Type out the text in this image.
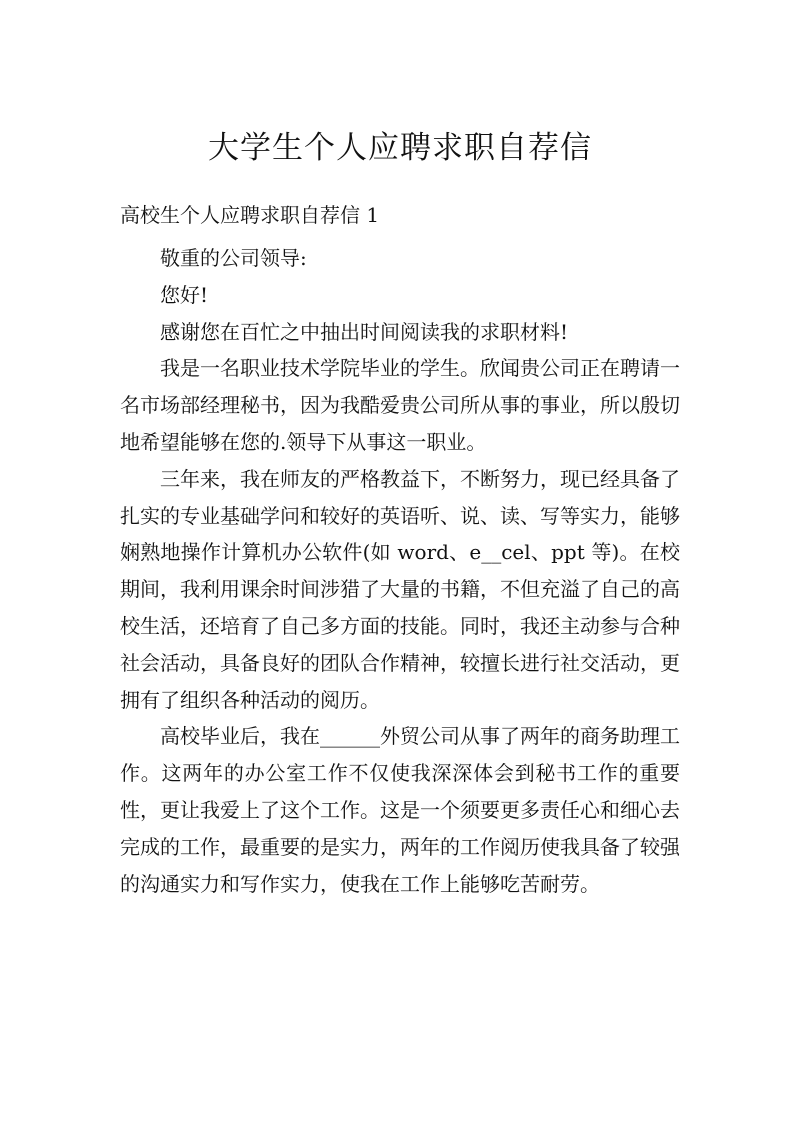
大学生个人应聘求职自荐信

高校生个人应聘求职自荐信 1

敬重的公司领导:

您好!

感谢您在百忙之中抽出时间阅读我的求职材料!

我是一名职业技术学院毕业的学生。欣闻贵公司正在聘请一名市场部经理秘书，因为我酷爱贵公司所从事的事业，所以殷切地希望能够在您的.领导下从事这一职业。

三年来，我在师友的严格教益下，不断努力，现已经具备了扎实的专业基础学问和较好的英语听、说、读、写等实力，能够娴熟地操作计算机办公软件(如 word、e__cel、ppt 等)。在校期间，我利用课余时间涉猎了大量的书籍，不但充溢了自己的高校生活，还培育了自己多方面的技能。同时，我还主动参与合种社会活动，具备良好的团队合作精神，较擅长进行社交活动，更拥有了组织各种活动的阅历。

高校毕业后，我在______外贸公司从事了两年的商务助理工作。这两年的办公室工作不仅使我深深体会到秘书工作的重要性，更让我爱上了这个工作。这是一个须要更多责任心和细心去完成的工作，最重要的是实力，两年的工作阅历使我具备了较强的沟通实力和写作实力，使我在工作上能够吃苦耐劳。
